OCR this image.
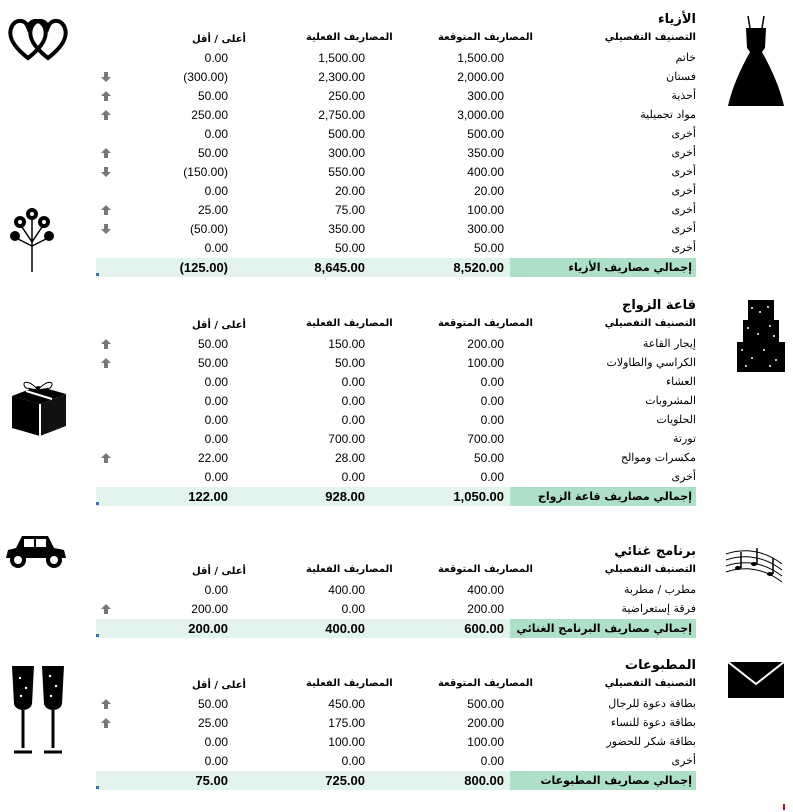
الأزياء
التصنيف التفصيلي
المصاريف المتوقعة
المصاريف الفعلية
أعلى / أقل
0.00	1,500.00	1,500.00	خاتم
(300.00)	2,300.00	2,000.00	فستان
50.00	250.00	300.00	أحذية
250.00	2,750.00	3,000.00	مواد تجميلية
0.00	500.00	500.00	أخرى
50.00	300.00	350.00	أخرى
(150.00)	550.00	400.00	أخرى
0.00	20.00	20.00	أخرى
25.00	75.00	100.00	أخرى
(50.00)	350.00	300.00	أخرى
0.00	50.00	50.00	أخرى
(125.00)	8,645.00	8,520.00	إجمالي مصاريف الأزياء
قاعة الزواج
التصنيف التفصيلي
المصاريف المتوقعة
المصاريف الفعلية
أعلى / أقل
50.00	150.00	200.00	إيجار القاعة
50.00	50.00	100.00	الكراسي والطاولات
0.00	0.00	0.00	العشاء
0.00	0.00	0.00	المشروبات
0.00	0.00	0.00	الحلويات
0.00	700.00	700.00	تورتة
22.00	28.00	50.00	مكسرات وموالح
0.00	0.00	0.00	أخرى
122.00	928.00	1,050.00	إجمالي مصاريف قاعة الزواج
برنامج غنائي
التصنيف التفصيلي
المصاريف المتوقعة
المصاريف الفعلية
أعلى / أقل
0.00	400.00	400.00	مطرب / مطربة
200.00	0.00	200.00	فرقة إستعراضية
200.00	400.00	600.00 إجمالي مصاريف البرنامج الغنائي
المطبوعات
التصنيف التفصيلي
المصاريف المتوقعة
المصاريف الفعلية
أعلى / أقل
50.00	450.00	500.00	بطاقة دعوة للرجال
25.00	175.00	200.00	بطاقة دعوة للنساء
0.00	100.00	100.00	بطاقة شكر للحضور
0.00	0.00	0.00	أخرى
75.00	725.00	800.00	إجمالي مصاريف المطبوعات
